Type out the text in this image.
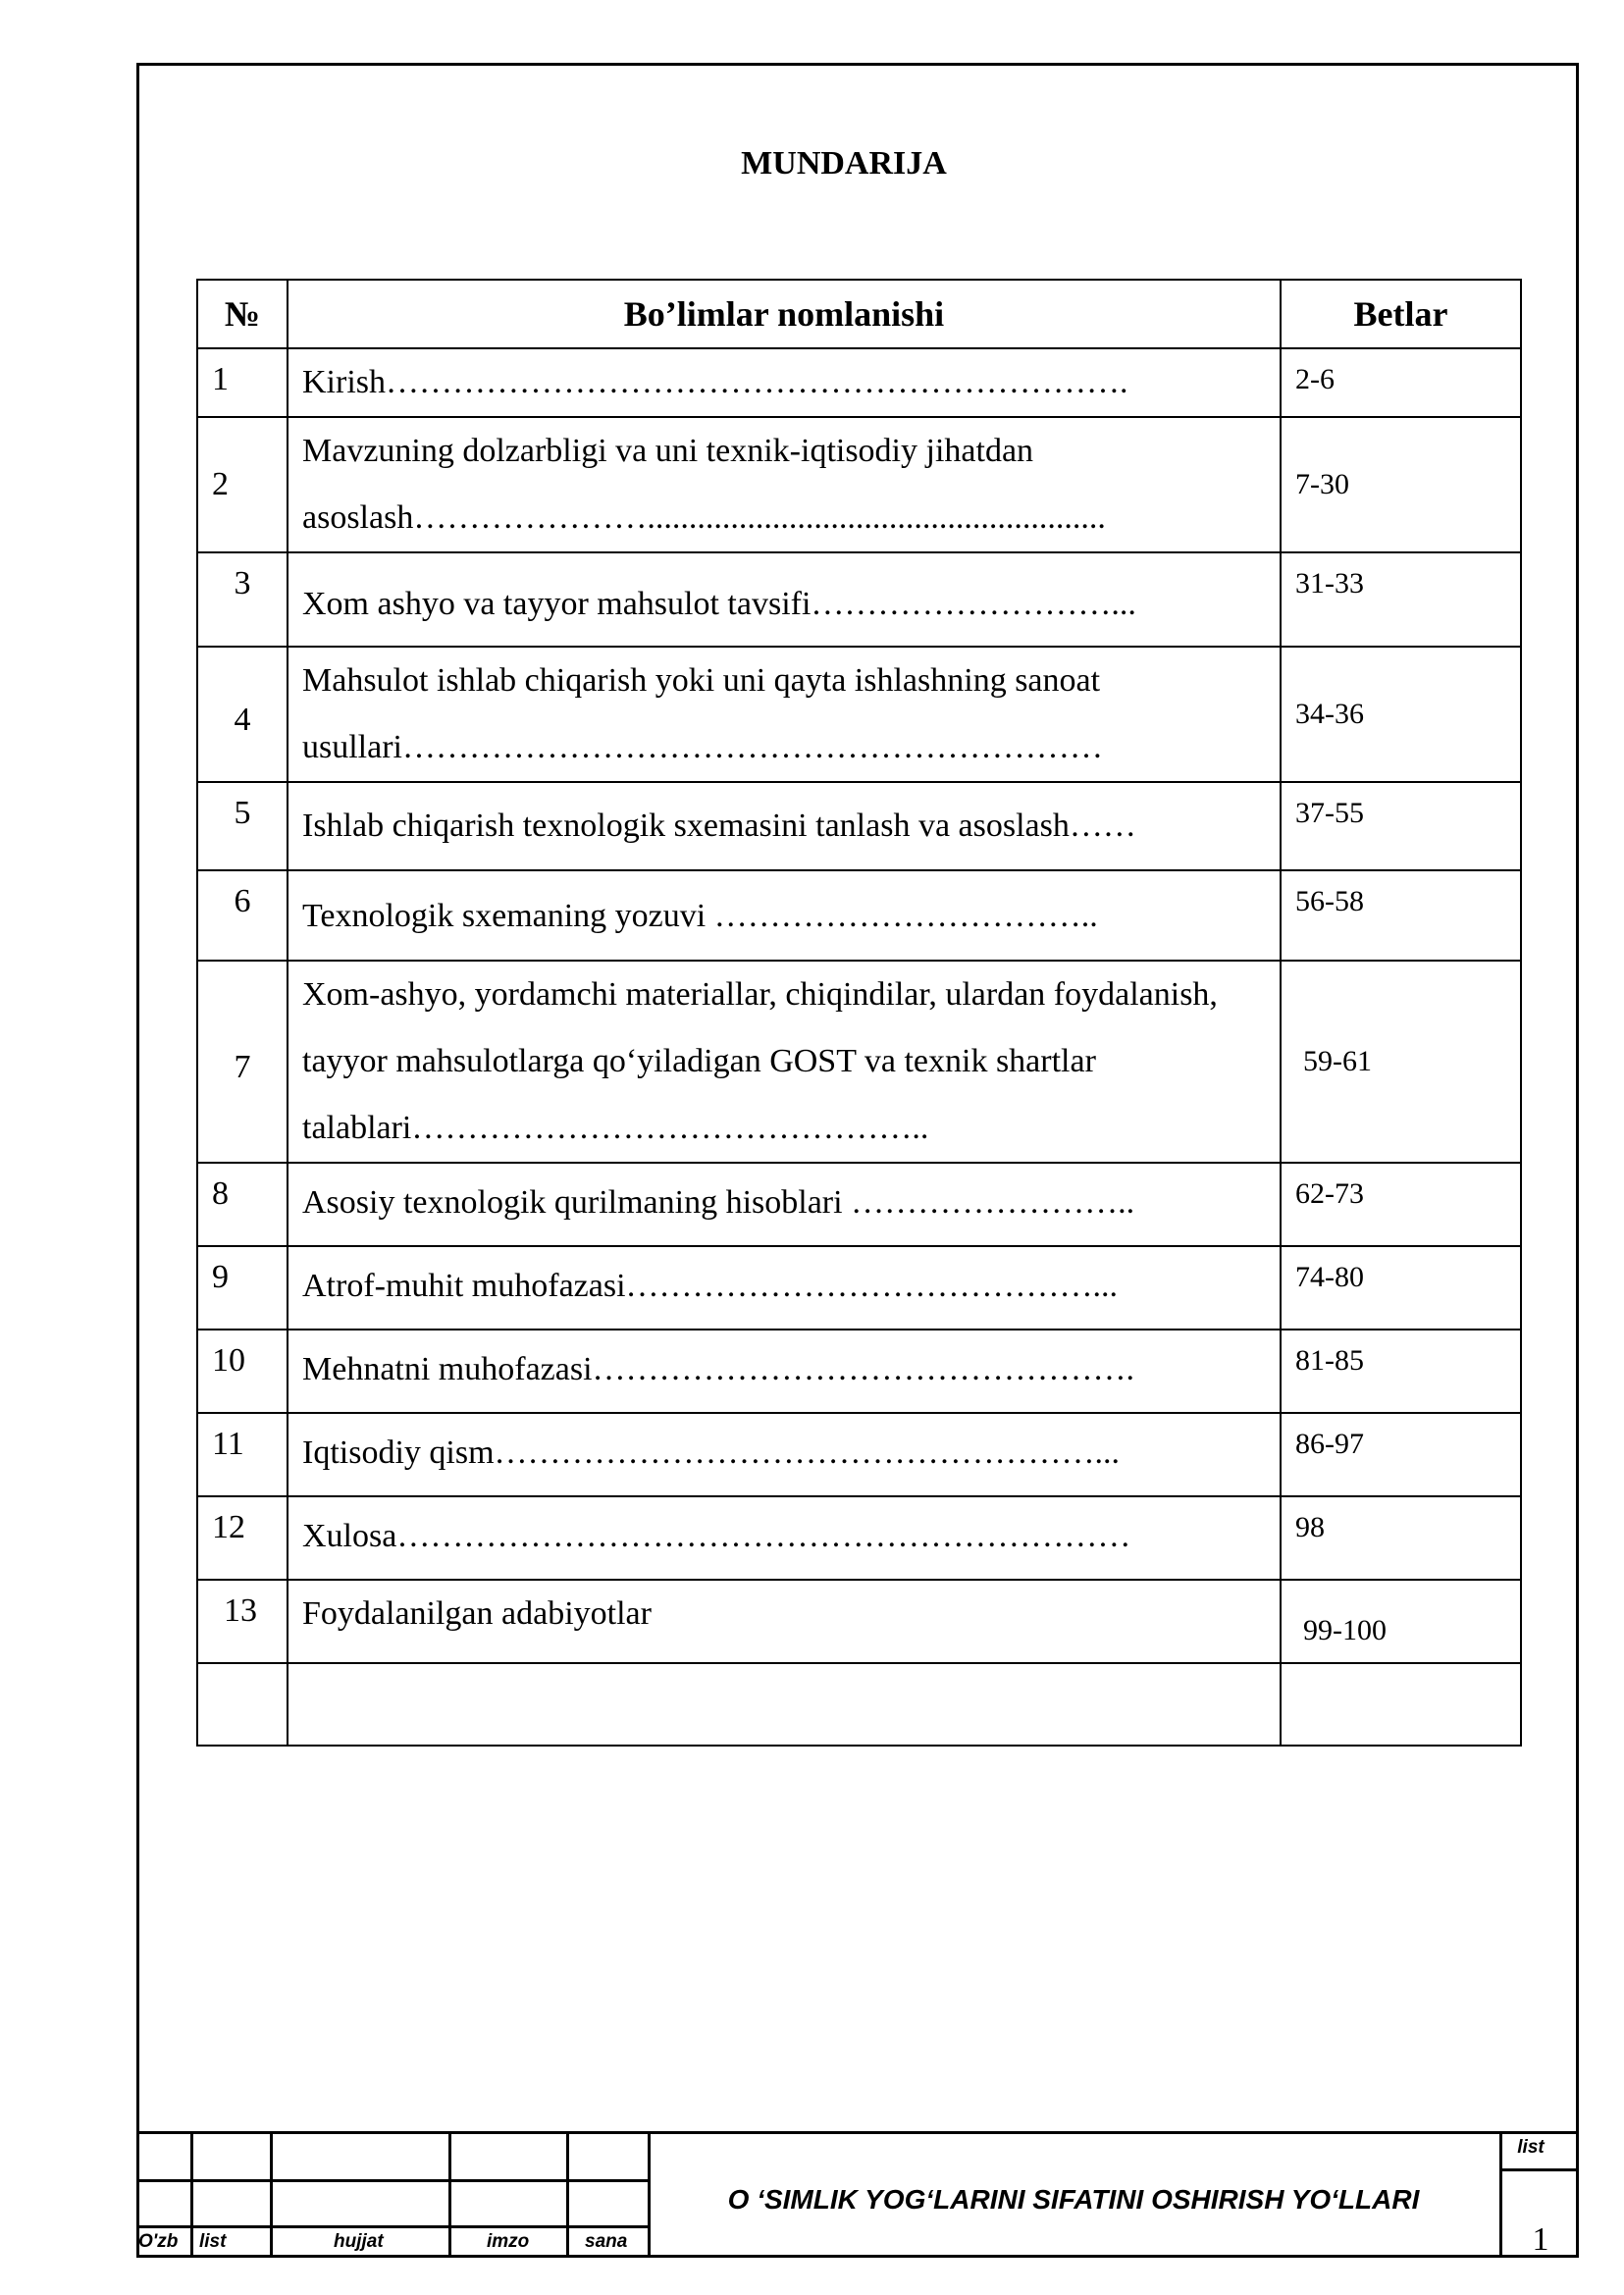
MUNDARIJA
№	Bo’limlar nomlanishi	Betlar
1	Kirish………………………………………………………….	2-6
2	Mavzuning dolzarbligi va uni texnik-iqtisodiy jihatdan asoslash………………….......................................................	7-30
3	Xom ashyo va tayyor mahsulot tavsifi………………………...	31-33
4	Mahsulot ishlab chiqarish yoki uni qayta ishlashning sanoat usullari………………………………………………………	34-36
5	Ishlab chiqarish texnologik sxemasini tanlash va asoslash……	37-55
6	Texnologik sxemaning yozuvi ……………………………..	56-58
7	Xom-ashyo, yordamchi materiallar, chiqindilar, ulardan foydalanish, tayyor mahsulotlarga qo‘yiladigan GOST va texnik shartlar talablari………………………………………..	59-61
8	Asosiy texnologik qurilmaning hisoblari ……………………..	62-73
9	Atrof-muhit muhofazasi……………………………………...	74-80
10	Mehnatni muhofazasi………………………………………….	81-85
11	Iqtisodiy qism………………………………………………...	86-97
12	Xulosa…………………………………………………………	98
13	Foydalanilgan adabiyotlar	99-100

O'zb list	hujjat	imzo	sana
O ‘SIMLIK YOG‘LARINI SIFATINI OSHIRISH YO‘LLARI
list
1
